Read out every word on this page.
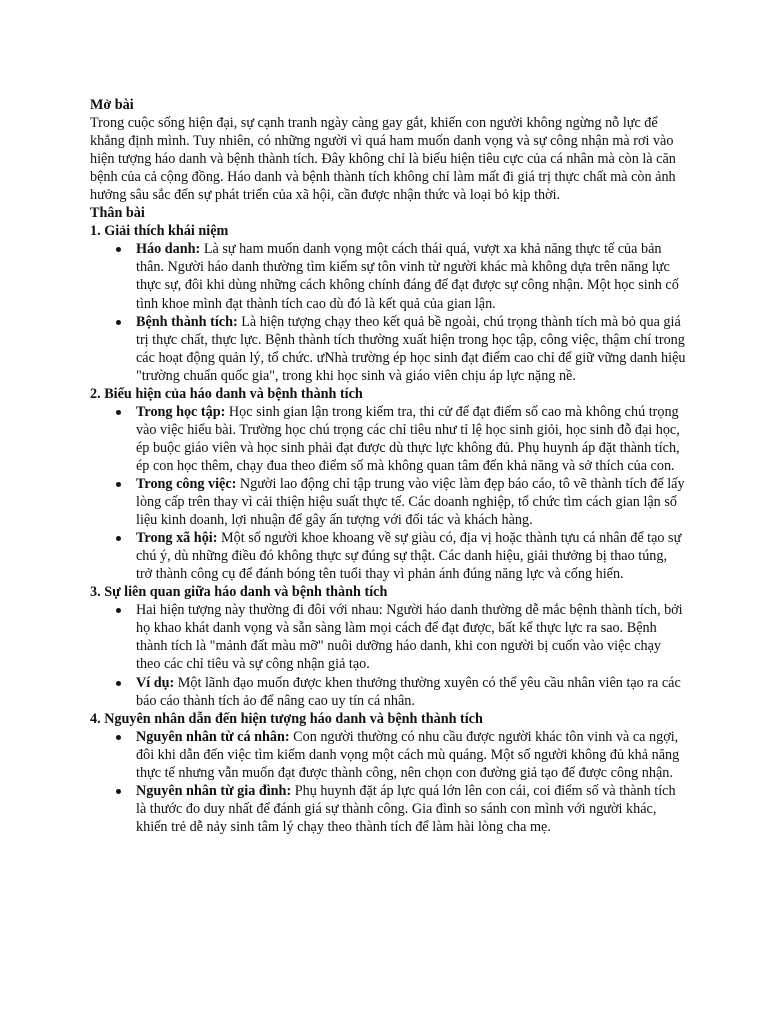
Mở bài

Trong cuộc sống hiện đại, sự cạnh tranh ngày càng gay gắt, khiến con người không ngừng nỗ lực để khẳng định mình. Tuy nhiên, có những người vì quá ham muốn danh vọng và sự công nhận mà rơi vào hiện tượng háo danh và bệnh thành tích. Đây không chỉ là biểu hiện tiêu cực của cá nhân mà còn là căn bệnh của cả cộng đồng. Háo danh và bệnh thành tích không chỉ làm mất đi giá trị thực chất mà còn ảnh hưởng sâu sắc đến sự phát triển của xã hội, cần được nhận thức và loại bỏ kịp thời.

Thân bài

1. Giải thích khái niệm

Háo danh: Là sự ham muốn danh vọng một cách thái quá, vượt xa khả năng thực tế của bản thân. Người háo danh thường tìm kiếm sự tôn vinh từ người khác mà không dựa trên năng lực thực sự, đôi khi dùng những cách không chính đáng để đạt được sự công nhận. Một học sinh cố tình khoe mình đạt thành tích cao dù đó là kết quả của gian lận.
Bệnh thành tích: Là hiện tượng chạy theo kết quả bề ngoài, chú trọng thành tích mà bỏ qua giá trị thực chất, thực lực. Bệnh thành tích thường xuất hiện trong học tập, công việc, thậm chí trong các hoạt động quản lý, tổ chức. ưNhà trường ép học sinh đạt điểm cao chỉ để giữ vững danh hiệu "trường chuẩn quốc gia", trong khi học sinh và giáo viên chịu áp lực nặng nề.

2. Biểu hiện của háo danh và bệnh thành tích

Trong học tập: Học sinh gian lận trong kiểm tra, thi cử để đạt điểm số cao mà không chú trọng vào việc hiểu bài. Trường học chú trọng các chỉ tiêu như tỉ lệ học sinh giỏi, học sinh đỗ đại học, ép buộc giáo viên và học sinh phải đạt được dù thực lực không đủ. Phụ huynh áp đặt thành tích, ép con học thêm, chạy đua theo điểm số mà không quan tâm đến khả năng và sở thích của con.
Trong công việc: Người lao động chỉ tập trung vào việc làm đẹp báo cáo, tô vẽ thành tích để lấy lòng cấp trên thay vì cải thiện hiệu suất thực tế. Các doanh nghiệp, tổ chức tìm cách gian lận số liệu kinh doanh, lợi nhuận để gây ấn tượng với đối tác và khách hàng.
Trong xã hội: Một số người khoe khoang về sự giàu có, địa vị hoặc thành tựu cá nhân để tạo sự chú ý, dù những điều đó không thực sự đúng sự thật. Các danh hiệu, giải thưởng bị thao túng, trở thành công cụ để đánh bóng tên tuổi thay vì phản ánh đúng năng lực và cống hiến.

3. Sự liên quan giữa háo danh và bệnh thành tích

Hai hiện tượng này thường đi đôi với nhau: Người háo danh thường dễ mắc bệnh thành tích, bởi họ khao khát danh vọng và sẵn sàng làm mọi cách để đạt được, bất kể thực lực ra sao. Bệnh thành tích là "mảnh đất màu mỡ" nuôi dưỡng háo danh, khi con người bị cuốn vào việc chạy theo các chỉ tiêu và sự công nhận giả tạo.
Ví dụ: Một lãnh đạo muốn được khen thưởng thường xuyên có thể yêu cầu nhân viên tạo ra các báo cáo thành tích ảo để nâng cao uy tín cá nhân.

4. Nguyên nhân dẫn đến hiện tượng háo danh và bệnh thành tích

Nguyên nhân từ cá nhân: Con người thường có nhu cầu được người khác tôn vinh và ca ngợi, đôi khi dẫn đến việc tìm kiếm danh vọng một cách mù quáng. Một số người không đủ khả năng thực tế nhưng vẫn muốn đạt được thành công, nên chọn con đường giả tạo để được công nhận.
Nguyên nhân từ gia đình: Phụ huynh đặt áp lực quá lớn lên con cái, coi điểm số và thành tích là thước đo duy nhất để đánh giá sự thành công. Gia đình so sánh con mình với người khác, khiến trẻ dễ nảy sinh tâm lý chạy theo thành tích để làm hài lòng cha mẹ.
